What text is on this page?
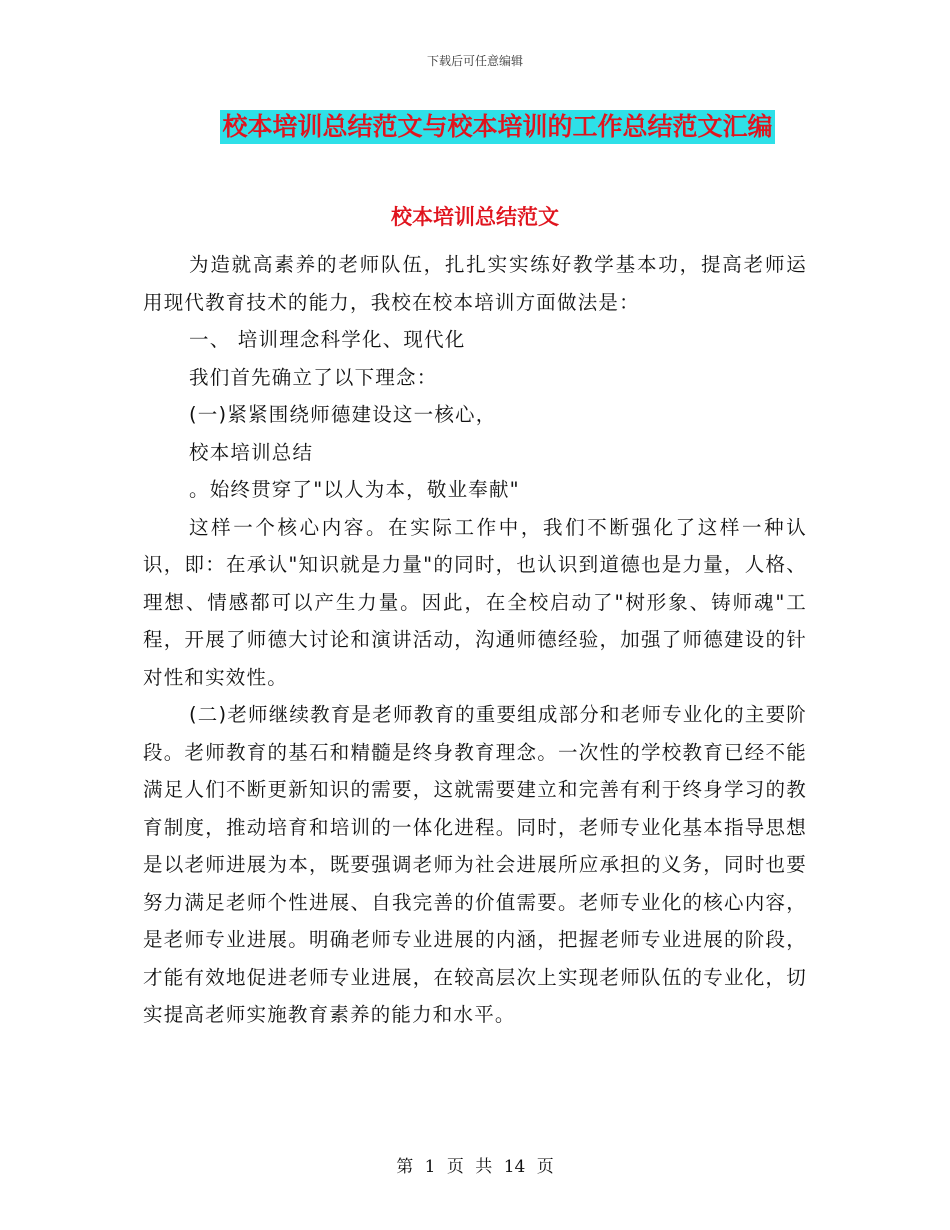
下载后可任意编辑
校本培训总结范文与校本培训的工作总结范文汇编
校本培训总结范文

为造就高素养的老师队伍，扎扎实实练好教学基本功，提高老师运用现代教育技术的能力，我校在校本培训方面做法是：

一、 培训理念科学化、现代化

我们首先确立了以下理念：

(一)紧紧围绕师德建设这一核心，

校本培训总结

。始终贯穿了"以人为本，敬业奉献"

这样一个核心内容。在实际工作中，我们不断强化了这样一种认识，即：在承认"知识就是力量"的同时，也认识到道德也是力量，人格、理想、情感都可以产生力量。因此，在全校启动了"树形象、铸师魂"工程，开展了师德大讨论和演讲活动，沟通师德经验，加强了师德建设的针对性和实效性。

(二)老师继续教育是老师教育的重要组成部分和老师专业化的主要阶段。老师教育的基石和精髓是终身教育理念。一次性的学校教育已经不能满足人们不断更新知识的需要，这就需要建立和完善有利于终身学习的教育制度，推动培育和培训的一体化进程。同时，老师专业化基本指导思想是以老师进展为本，既要强调老师为社会进展所应承担的义务，同时也要努力满足老师个性进展、自我完善的价值需要。老师专业化的核心内容，是老师专业进展。明确老师专业进展的内涵，把握老师专业进展的阶段，才能有效地促进老师专业进展，在较高层次上实现老师队伍的专业化，切实提高老师实施教育素养的能力和水平。

第 1 页 共 14 页
